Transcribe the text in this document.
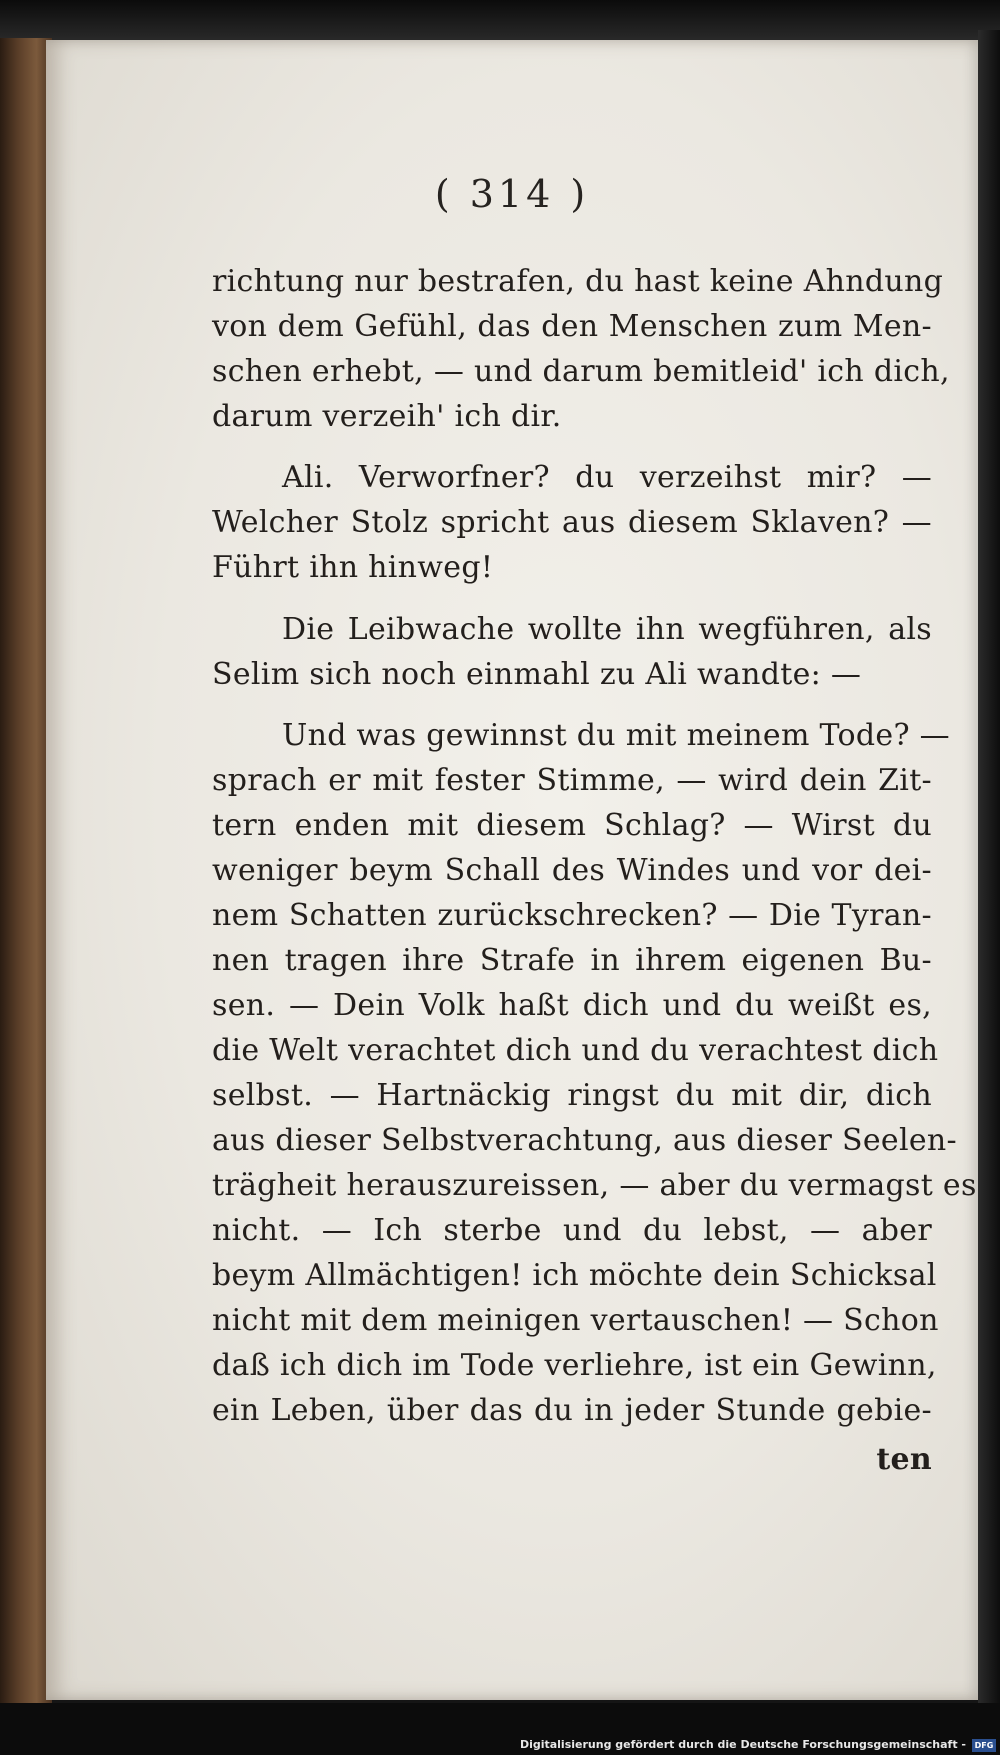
( 314 )
richtung nur bestrafen, du hast keine Ahndung
von dem Gefühl, das den Menschen zum Men-
schen erhebt, — und darum bemitleid' ich dich,
darum verzeih' ich dir.
Ali. Verworfner? du verzeihst mir? —
Welcher Stolz spricht aus diesem Sklaven? —
Führt ihn hinweg!
Die Leibwache wollte ihn wegführen, als
Selim sich noch einmahl zu Ali wandte: —
Und was gewinnst du mit meinem Tode? —
sprach er mit fester Stimme, — wird dein Zit-
tern enden mit diesem Schlag? — Wirst du
weniger beym Schall des Windes und vor dei-
nem Schatten zurückschrecken? — Die Tyran-
nen tragen ihre Strafe in ihrem eigenen Bu-
sen. — Dein Volk haßt dich und du weißt es,
die Welt verachtet dich und du verachtest dich
selbst. — Hartnäckig ringst du mit dir, dich
aus dieser Selbstverachtung, aus dieser Seelen-
trägheit herauszureissen, — aber du vermagst es
nicht. — Ich sterbe und du lebst, — aber
beym Allmächtigen! ich möchte dein Schicksal
nicht mit dem meinigen vertauschen! — Schon
daß ich dich im Tode verliehre, ist ein Gewinn,
ein Leben, über das du in jeder Stunde gebie-
ten
Digitalisierung gefördert durch die Deutsche Forschungsgemeinschaft -	DFG
